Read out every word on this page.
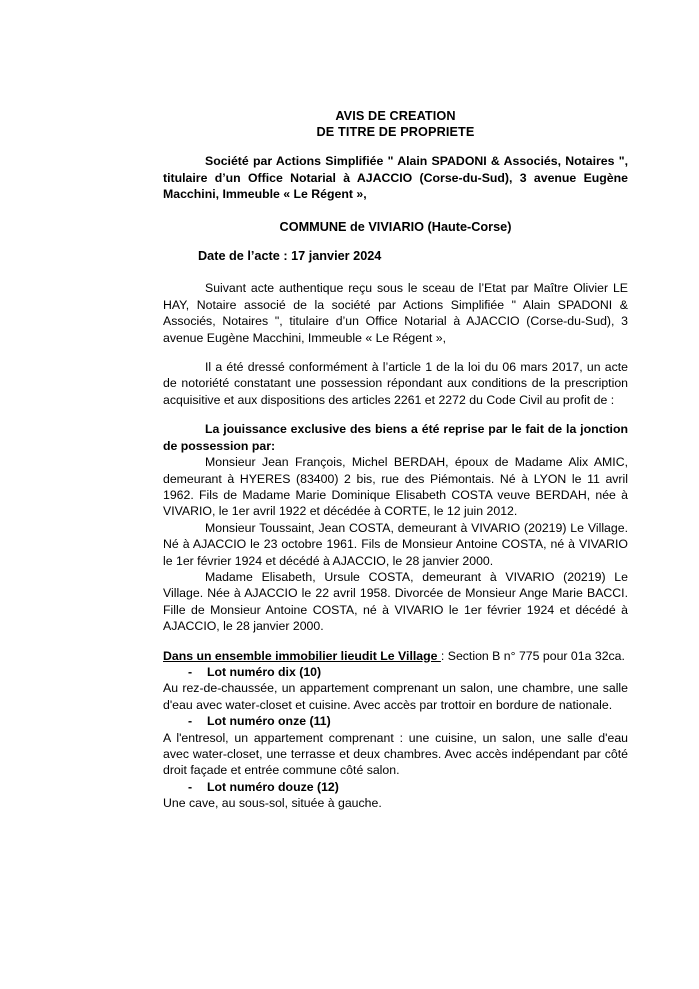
AVIS DE CREATION
DE TITRE DE PROPRIETE

Société par Actions Simplifiée " Alain SPADONI & Associés, Notaires ", titulaire d’un Office Notarial à AJACCIO (Corse-du-Sud), 3 avenue Eugène Macchini, Immeuble « Le Régent »,

COMMUNE de VIVIARIO (Haute-Corse)

Date de l’acte : 17 janvier 2024

Suivant acte authentique reçu sous le sceau de l’Etat par Maître Olivier LE HAY, Notaire associé de la société par Actions Simplifiée " Alain SPADONI & Associés, Notaires ", titulaire d’un Office Notarial à AJACCIO (Corse-du-Sud), 3 avenue Eugène Macchini, Immeuble « Le Régent »,

Il a été dressé conformément à l’article 1 de la loi du 06 mars 2017, un acte de notoriété constatant une possession répondant aux conditions de la prescription acquisitive et aux dispositions des articles 2261 et 2272 du Code Civil au profit de :

La jouissance exclusive des biens a été reprise par le fait de la jonction de possession par:

Monsieur Jean François, Michel BERDAH, époux de Madame Alix AMIC, demeurant à HYERES (83400) 2 bis, rue des Piémontais. Né à LYON le 11 avril 1962. Fils de Madame Marie Dominique Elisabeth COSTA veuve BERDAH, née à VIVARIO, le 1er avril 1922 et décédée à CORTE, le 12 juin 2012.

Monsieur Toussaint, Jean COSTA, demeurant à VIVARIO (20219) Le Village. Né à AJACCIO le 23 octobre 1961. Fils de Monsieur Antoine COSTA, né à VIVARIO le 1er février 1924 et décédé à AJACCIO, le 28 janvier 2000.

Madame Elisabeth, Ursule COSTA, demeurant à VIVARIO (20219) Le Village. Née à AJACCIO le 22 avril 1958. Divorcée de Monsieur Ange Marie BACCI. Fille de Monsieur Antoine COSTA, né à VIVARIO le 1er février 1924 et décédé à AJACCIO, le 28 janvier 2000.

Dans un ensemble immobilier lieudit Le Village : Section B n° 775 pour 01a 32ca.

- Lot numéro dix (10)

Au rez-de-chaussée, un appartement comprenant un salon, une chambre, une salle d'eau avec water-closet et cuisine. Avec accès par trottoir en bordure de nationale.

- Lot numéro onze (11)

A l'entresol, un appartement comprenant : une cuisine, un salon, une salle d'eau avec water-closet, une terrasse et deux chambres. Avec accès indépendant par côté droit façade et entrée commune côté salon.

- Lot numéro douze (12)

Une cave, au sous-sol, située à gauche.
